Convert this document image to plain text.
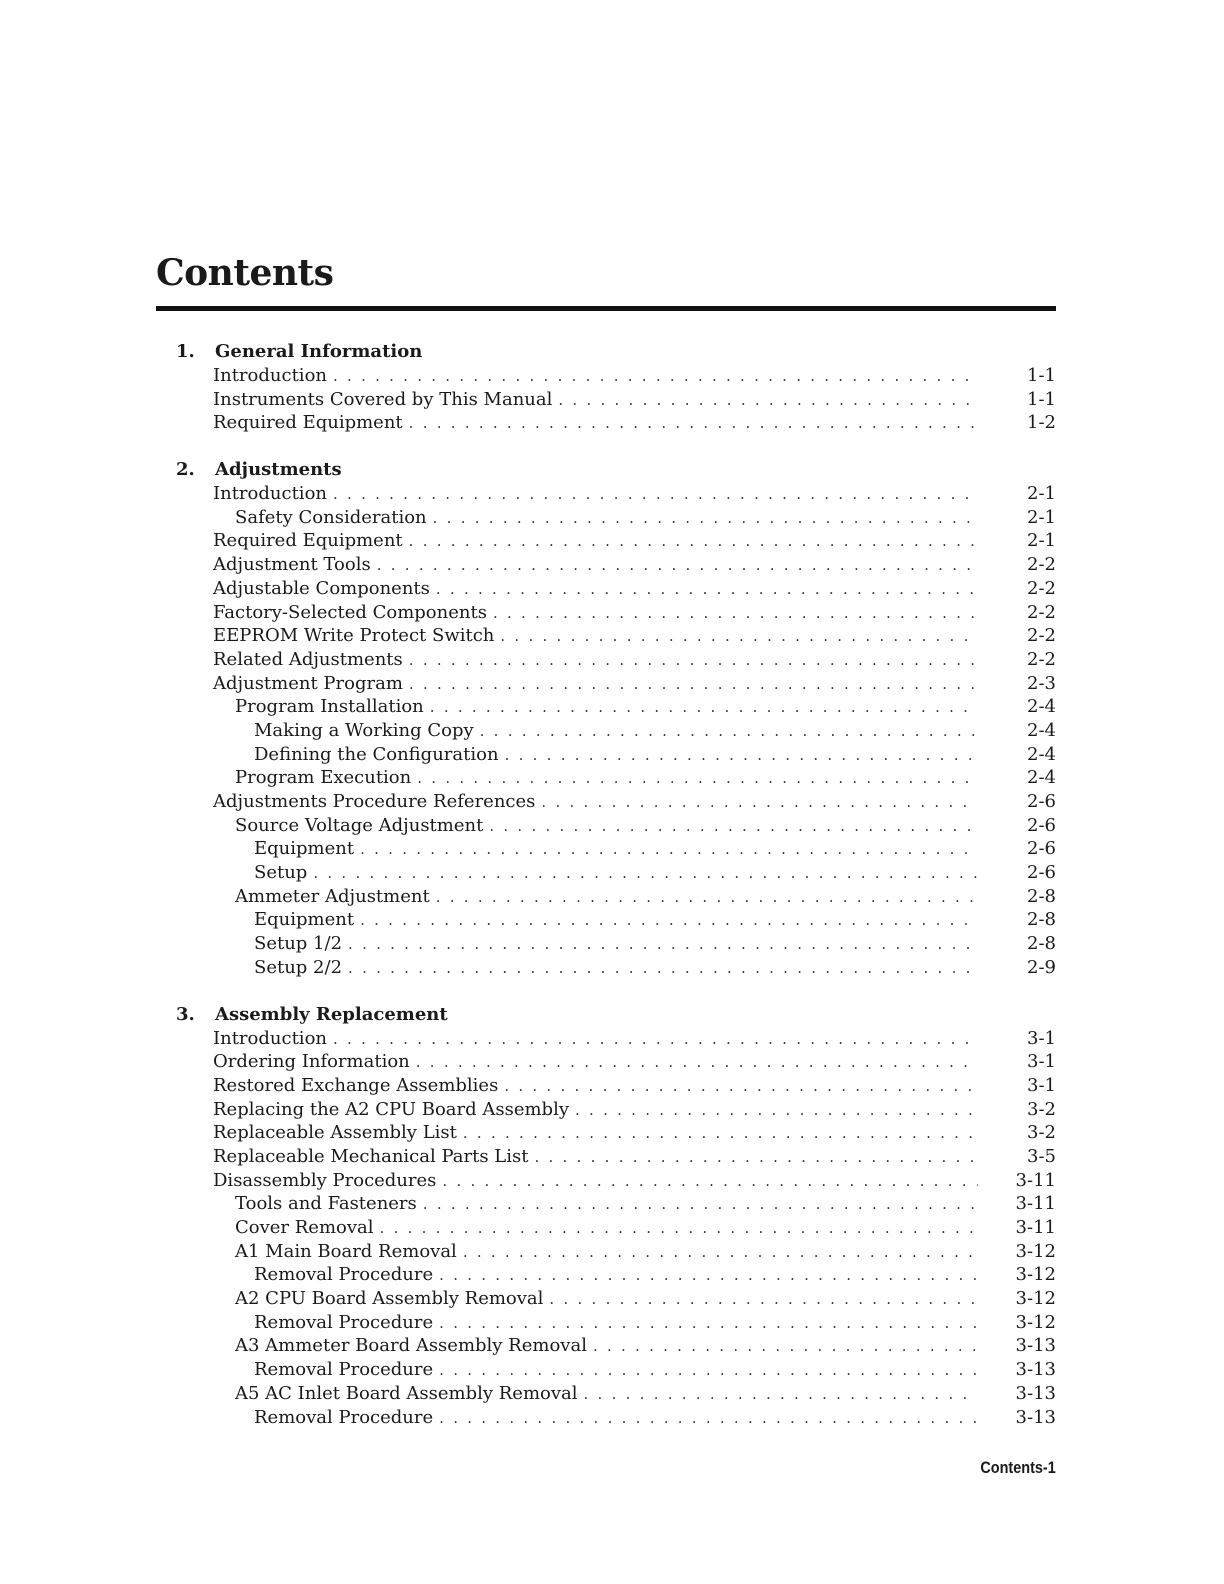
Contents
1. General Information
Introduction . . .	1-1
Instruments Covered by This Manual . . .	1-1
Required Equipment . . .	1-2
2. Adjustments
Introduction . . .	2-1
Safety Consideration . . .	2-1
Required Equipment . . .	2-1
Adjustment Tools . . .	2-2
Adjustable Components . . .	2-2
Factory-Selected Components . . .	2-2
EEPROM Write Protect Switch . . .	2-2
Related Adjustments . . .	2-2
Adjustment Program . . .	2-3
Program Installation . . .	2-4
Making a Working Copy . . .	2-4
Defining the Configuration . . .	2-4
Program Execution . . .	2-4
Adjustments Procedure References . . .	2-6
Source Voltage Adjustment . . .	2-6
Equipment . . .	2-6
Setup . . .	2-6
Ammeter Adjustment . . .	2-8
Equipment . . .	2-8
Setup 1/2 . . .	2-8
Setup 2/2 . . .	2-9
3. Assembly Replacement
Introduction . . .	3-1
Ordering Information . . .	3-1
Restored Exchange Assemblies . . .	3-1
Replacing the A2 CPU Board Assembly . . .	3-2
Replaceable Assembly List . . .	3-2
Replaceable Mechanical Parts List . . .	3-5
Disassembly Procedures . . .	3-11
Tools and Fasteners . . .	3-11
Cover Removal . . .	3-11
A1 Main Board Removal . . .	3-12
Removal Procedure . . .	3-12
A2 CPU Board Assembly Removal . . .	3-12
Removal Procedure . . .	3-12
A3 Ammeter Board Assembly Removal . . .	3-13
Removal Procedure . . .	3-13
A5 AC Inlet Board Assembly Removal . . .	3-13
Removal Procedure . . .	3-13
Contents-1
